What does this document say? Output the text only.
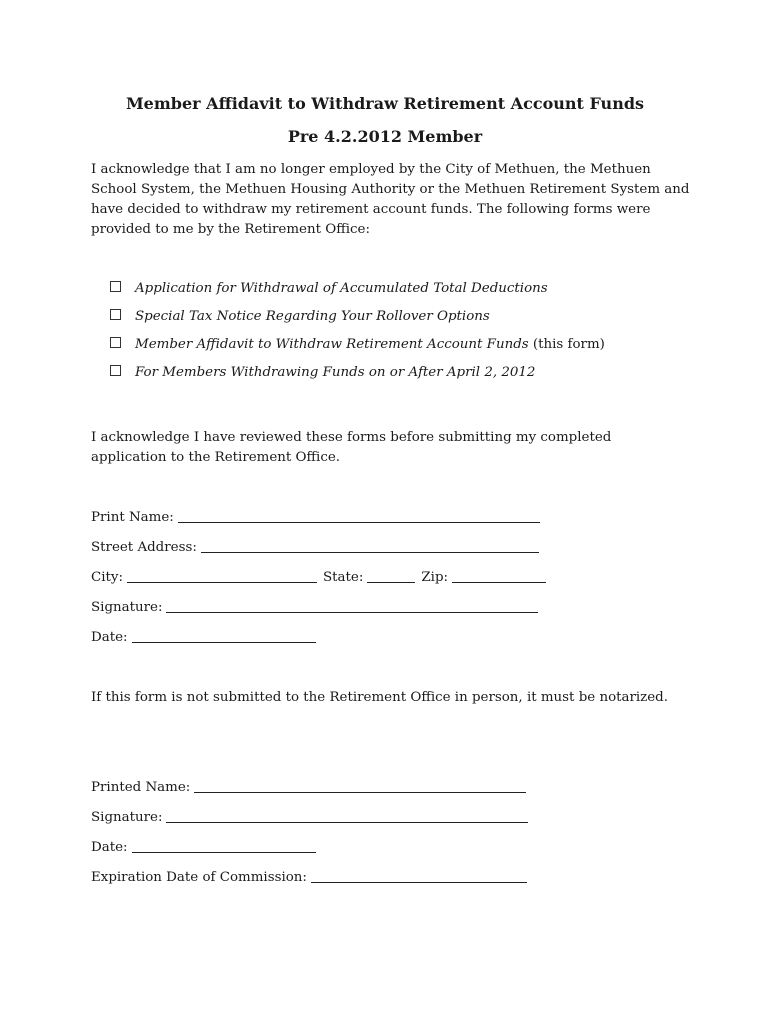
Member Affidavit to Withdraw Retirement Account Funds
Pre 4.2.2012 Member

I acknowledge that I am no longer employed by the City of Methuen, the Methuen School System, the Methuen Housing Authority or the Methuen Retirement System and have decided to withdraw my retirement account funds. The following forms were provided to me by the Retirement Office:

Application for Withdrawal of Accumulated Total Deductions
Special Tax Notice Regarding Your Rollover Options
Member Affidavit to Withdraw Retirement Account Funds (this form)
For Members Withdrawing Funds on or After April 2, 2012

I acknowledge I have reviewed these forms before submitting my completed application to the Retirement Office.

Print Name:
Street Address:
City:	State:	Zip:
Signature:
Date:

If this form is not submitted to the Retirement Office in person, it must be notarized.

Printed Name:
Signature:
Date:
Expiration Date of Commission:
